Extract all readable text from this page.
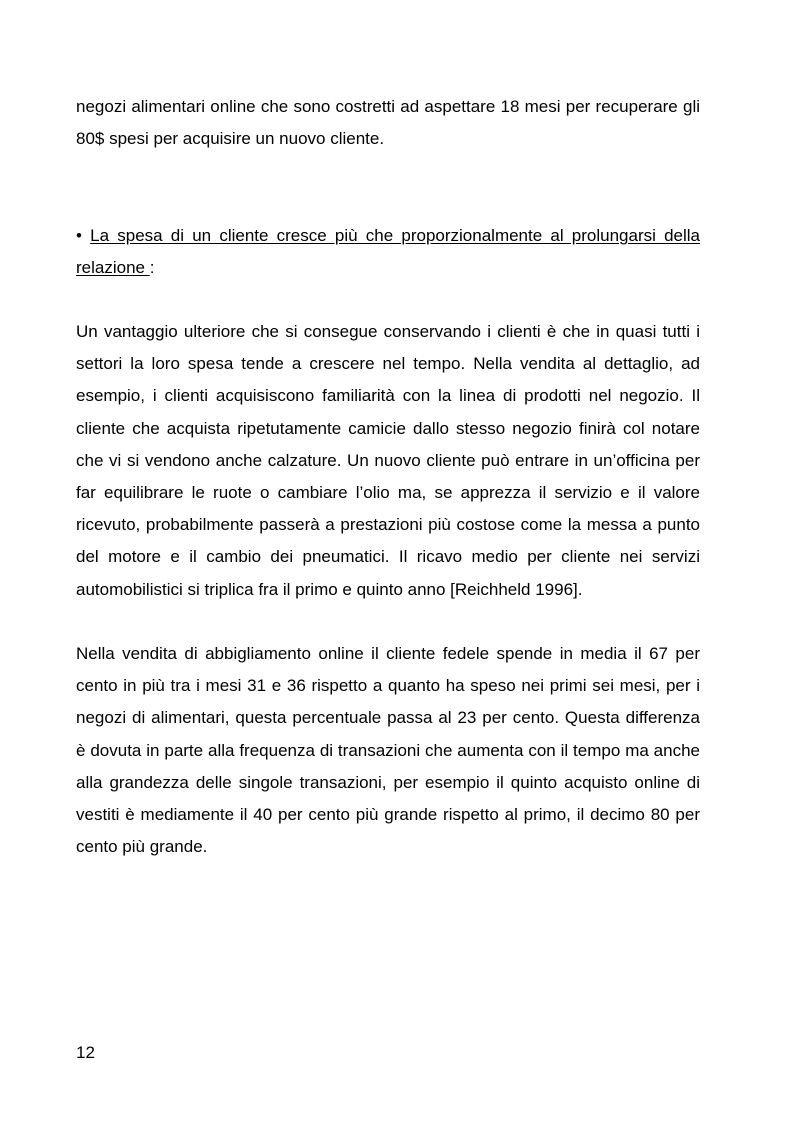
negozi alimentari online che sono costretti ad aspettare 18 mesi per recuperare gli 80$ spesi per acquisire un nuovo cliente.

• La spesa di un cliente cresce più che proporzionalmente al prolungarsi della relazione :

Un vantaggio ulteriore che si consegue conservando i clienti è che in quasi tutti i settori la loro spesa tende a crescere nel tempo. Nella vendita al dettaglio, ad esempio, i clienti acquisiscono familiarità con la linea di prodotti nel negozio. Il cliente che acquista ripetutamente camicie dallo stesso negozio finirà col notare che vi si vendono anche calzature. Un nuovo cliente può entrare in un’officina per far equilibrare le ruote o cambiare l’olio ma, se apprezza il servizio e il valore ricevuto, probabilmente passerà a prestazioni più costose come la messa a punto del motore e il cambio dei pneumatici. Il ricavo medio per cliente nei servizi automobilistici si triplica fra il primo e quinto anno [Reichheld 1996].

Nella vendita di abbigliamento online il cliente fedele spende in media il 67 per cento in più tra i mesi 31 e 36 rispetto a quanto ha speso nei primi sei mesi, per i negozi di alimentari, questa percentuale passa al 23 per cento. Questa differenza è dovuta in parte alla frequenza di transazioni che aumenta con il tempo ma anche alla grandezza delle singole transazioni, per esempio il quinto acquisto online di vestiti è mediamente il 40 per cento più grande rispetto al primo, il decimo 80 per cento più grande.

12
